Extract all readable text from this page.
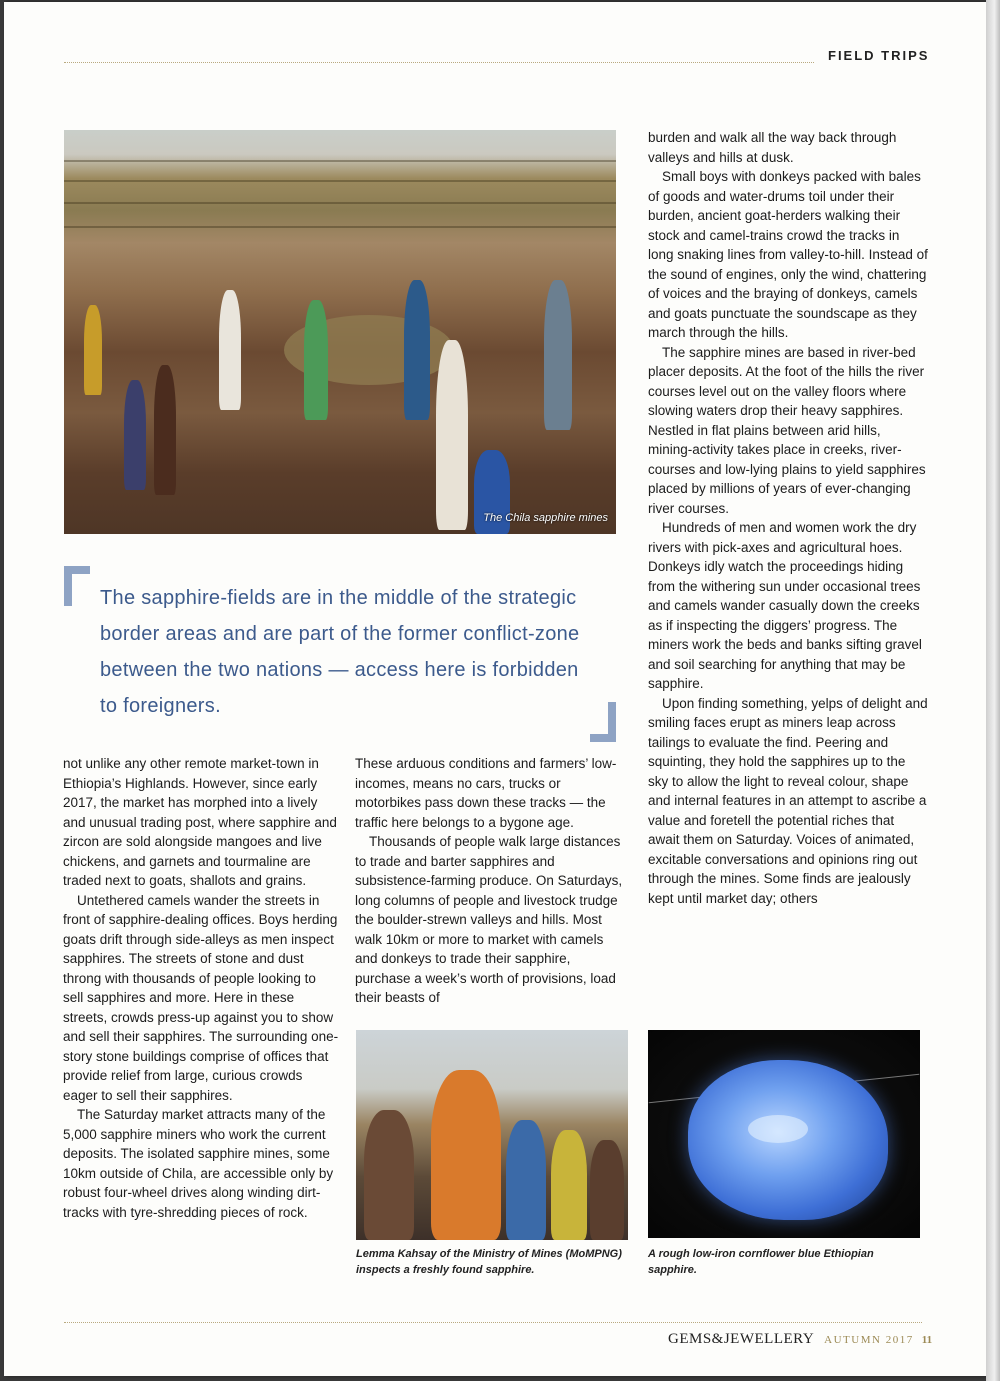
FIELD TRIPS
The Chila sapphire mines

The sapphire-fields are in the middle of the strategic border areas and are part of the former conflict-zone between the two nations — access here is forbidden to foreigners.

not unlike any other remote market-town in Ethiopia’s Highlands. However, since early 2017, the market has morphed into a lively and unusual trading post, where sapphire and zircon are sold alongside mangoes and live chickens, and garnets and tourmaline are traded next to goats, shallots and grains.

Untethered camels wander the streets in front of sapphire-dealing offices. Boys herding goats drift through side-alleys as men inspect sapphires. The streets of stone and dust throng with thousands of people looking to sell sapphires and more. Here in these streets, crowds press-up against you to show and sell their sapphires. The surrounding one-story stone buildings comprise of offices that provide relief from large, curious crowds eager to sell their sapphires.

The Saturday market attracts many of the 5,000 sapphire miners who work the current deposits. The isolated sapphire mines, some 10km outside of Chila, are accessible only by robust four-wheel drives along winding dirt-tracks with tyre-shredding pieces of rock.

These arduous conditions and farmers’ low-incomes, means no cars, trucks or motorbikes pass down these tracks — the traffic here belongs to a bygone age.

Thousands of people walk large distances to trade and barter sapphires and subsistence-farming produce. On Saturdays, long columns of people and livestock trudge the boulder-strewn valleys and hills. Most walk 10km or more to market with camels and donkeys to trade their sapphire, purchase a week’s worth of provisions, load their beasts of

burden and walk all the way back through valleys and hills at dusk.

Small boys with donkeys packed with bales of goods and water-drums toil under their burden, ancient goat-herders walking their stock and camel-trains crowd the tracks in long snaking lines from valley-to-hill. Instead of the sound of engines, only the wind, chattering of voices and the braying of donkeys, camels and goats punctuate the soundscape as they march through the hills.

The sapphire mines are based in river-bed placer deposits. At the foot of the hills the river courses level out on the valley floors where slowing waters drop their heavy sapphires. Nestled in flat plains between arid hills, mining-activity takes place in creeks, river-courses and low-lying plains to yield sapphires placed by millions of years of ever-changing river courses.

Hundreds of men and women work the dry rivers with pick-axes and agricultural hoes. Donkeys idly watch the proceedings hiding from the withering sun under occasional trees and camels wander casually down the creeks as if inspecting the diggers’ progress. The miners work the beds and banks sifting gravel and soil searching for anything that may be sapphire.

Upon finding something, yelps of delight and smiling faces erupt as miners leap across tailings to evaluate the find. Peering and squinting, they hold the sapphires up to the sky to allow the light to reveal colour, shape and internal features in an attempt to ascribe a value and foretell the potential riches that await them on Saturday. Voices of animated, excitable conversations and opinions ring out through the mines. Some finds are jealously kept until market day; others

Lemma Kahsay of the Ministry of Mines (MoMPNG) inspects a freshly found sapphire.

A rough low-iron cornflower blue Ethiopian sapphire.

GEMS&JEWELLERY AUTUMN 2017 11
